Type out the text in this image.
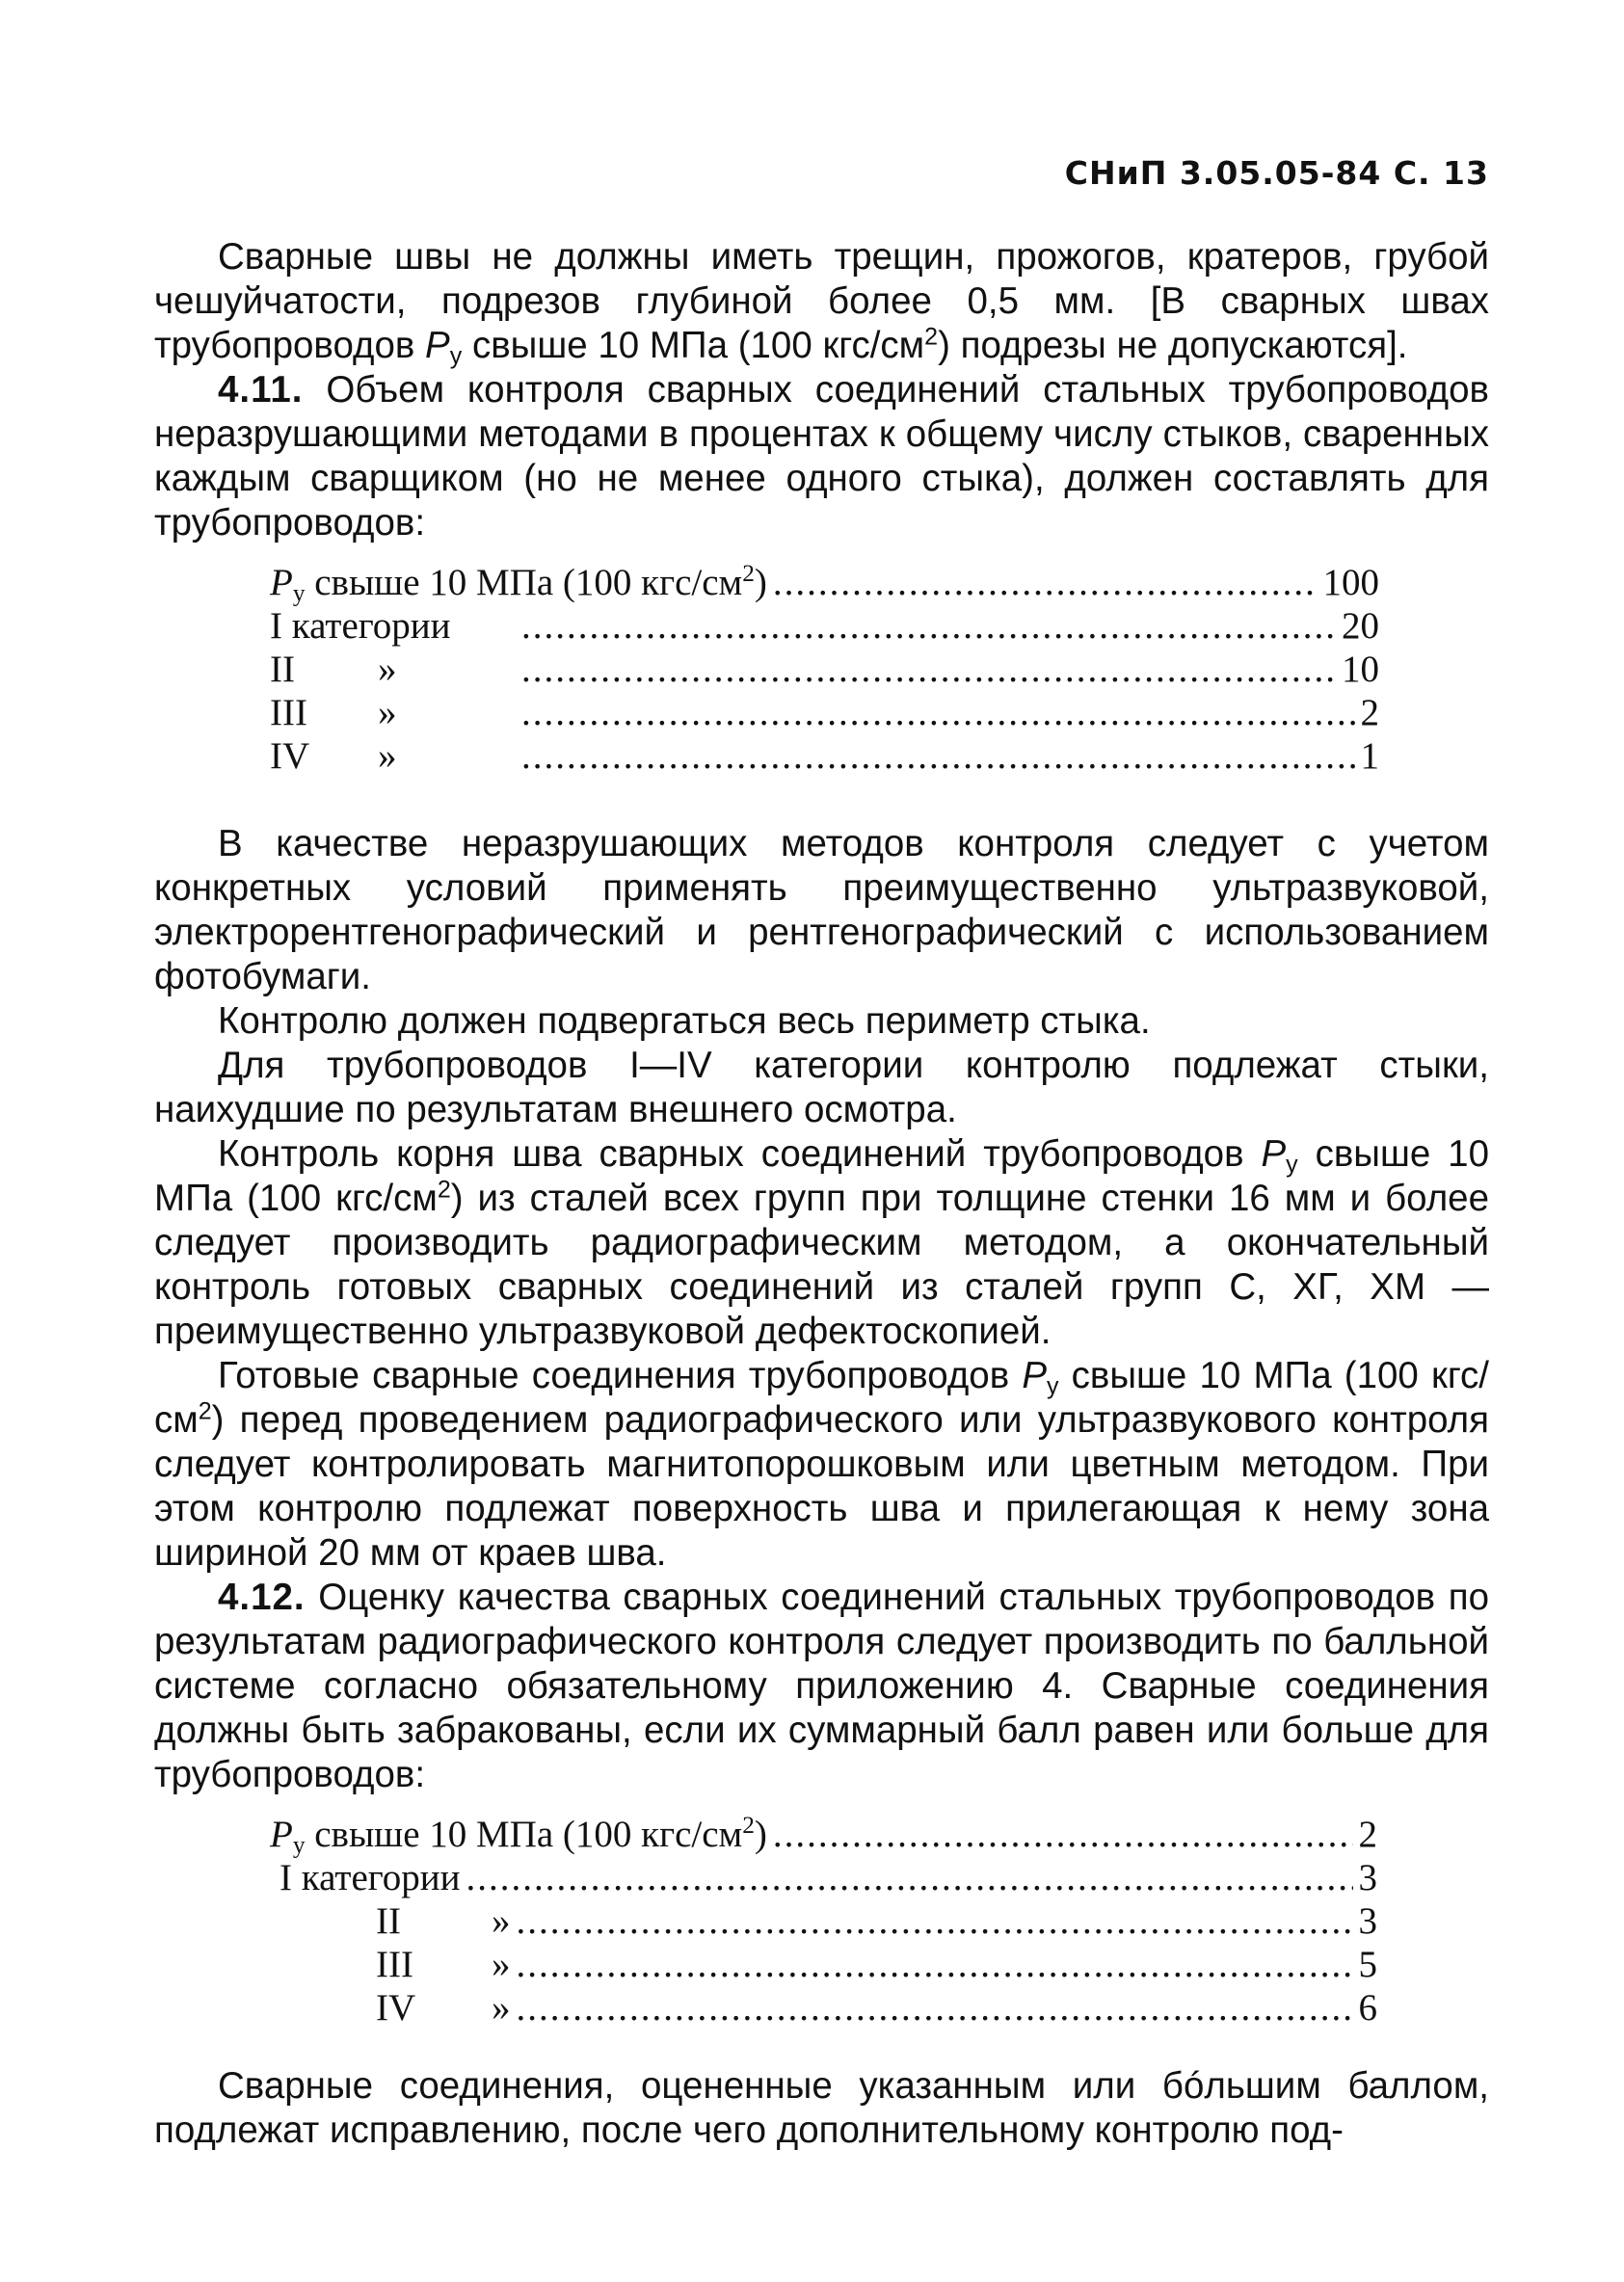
СНиП 3.05.05-84 С. 13

Сварные швы не должны иметь трещин, прожогов, кратеров, грубой чешуйчатости, подрезов глубиной более 0,5 мм. [В сварных швах трубопроводов $Р_у$ свыше 10 МПа (100 кгс/$см^2$) подрезы не допускаются].

4.11. Объем контроля сварных соединений стальных трубопроводов неразрушающими методами в процентах к общему числу стыков, сваренных каждым сварщиком (но не менее одного стыка), должен составлять для трубопроводов:

$Р_у$ свыше 10 МПа (100 кгс/$см^2$) .....	100
I категории .....	20
II » .....	10
III » .....	2
IV » .....	1

В качестве неразрушающих методов контроля следует с учетом конкретных условий применять преимущественно ультразвуковой, электрорентгенографический и рентгенографический с использованием фотобумаги.

Контролю должен подвергаться весь периметр стыка.

Для трубопроводов I—IV категории контролю подлежат стыки, наихудшие по результатам внешнего осмотра.

Контроль корня шва сварных соединений трубопроводов $Р_у$ свыше 10 МПа (100 кгс/$см^2$) из сталей всех групп при толщине стенки 16 мм и более следует производить радиографическим методом, а окончательный контроль готовых сварных соединений из сталей групп С, ХГ, ХМ — преимущественно ультразвуковой дефектоскопией.

Готовые сварные соединения трубопроводов $Р_у$ свыше 10 МПа (100 кгс/$см^2$) перед проведением радиографического или ультразвукового контроля следует контролировать магнитопорошковым или цветным методом. При этом контролю подлежат поверхность шва и прилегающая к нему зона шириной 20 мм от краев шва.

4.12. Оценку качества сварных соединений стальных трубопроводов по результатам радиографического контроля следует производить по балльной системе согласно обязательному приложению 4. Сварные соединения должны быть забракованы, если их суммарный балл равен или больше для трубопроводов:

$Р_у$ свыше 10 МПа (100 кгс/$см^2$) .....	2
I категории .....	3
II » .....	3
III » .....	5
IV » .....	6

Сварные соединения, оцененные указанным или бóльшим баллом, подлежат исправлению, после чего дополнительному контролю под-
